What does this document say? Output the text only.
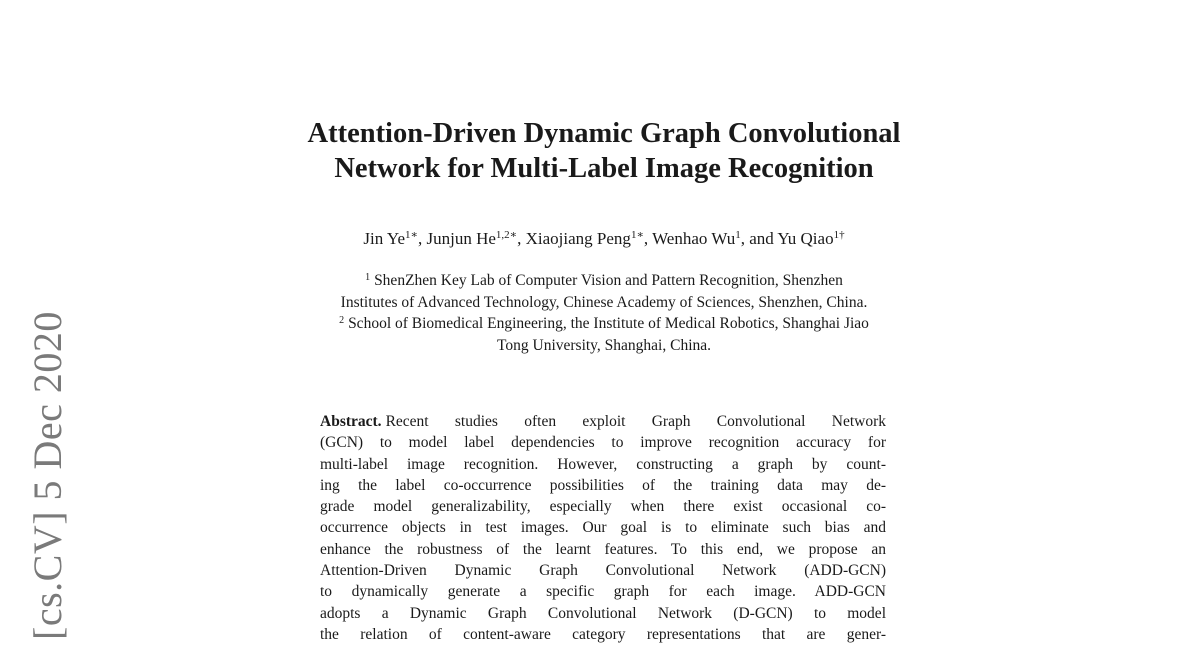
[cs.CV] 5 Dec 2020
Attention-Driven Dynamic Graph Convolutional
Network for Multi-Label Image Recognition
Jin $Ye^{1∗}$, Junjun $He^{1,2∗}$, Xiaojiang Peng$^{1∗}$, Wenhao Wu$^1$, and Yu Qiao$^{1\dagger}$
$^1$ ShenZhen Key Lab of Computer Vision and Pattern Recognition, Shenzhen
Institutes of Advanced Technology, Chinese Academy of Sciences, Shenzhen, China.
$^2$ School of Biomedical Engineering, the Institute of Medical Robotics, Shanghai Jiao
Tong University, Shanghai, China.
Abstract. Recent studies often exploit Graph Convolutional Network
(GCN) to model label dependencies to improve recognition accuracy for
multi-label image recognition. However, constructing a graph by count-
ing the label co-occurrence possibilities of the training data may de-
grade model generalizability, especially when there exist occasional co-
occurrence objects in test images. Our goal is to eliminate such bias and
enhance the robustness of the learnt features. To this end, we propose an
Attention-Driven Dynamic Graph Convolutional Network (ADD-GCN)
to dynamically generate a specific graph for each image. ADD-GCN
adopts a Dynamic Graph Convolutional Network (D-GCN) to model
the relation of content-aware category representations that are gener-
